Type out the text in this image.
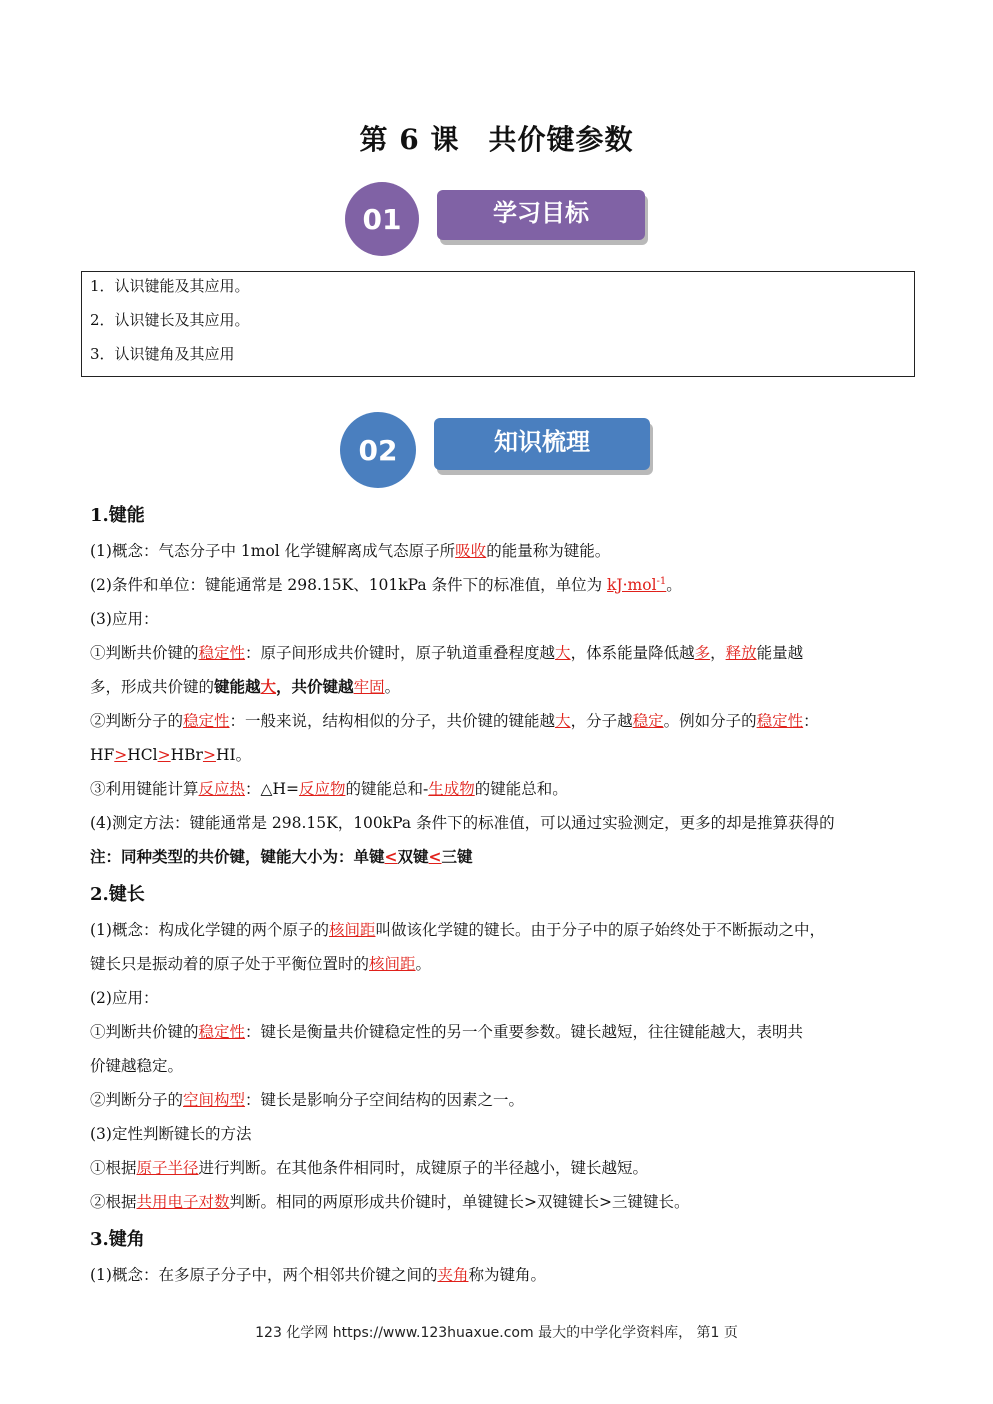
第 6 课　共价键参数
01	学习目标
1．认识键能及其应用。
2．认识键长及其应用。
3．认识键角及其应用
02	知识梳理
1.键能
(1)概念：气态分子中 1mol 化学键解离成气态原子所吸收的能量称为键能。
(2)条件和单位：键能通常是 298.15K、101kPa 条件下的标准值，单位为 kJ·mol$^{-1}$。
(3)应用：
①判断共价键的稳定性：原子间形成共价键时，原子轨道重叠程度越大，体系能量降低越多，释放能量越
多，形成共价键的键能越大，共价键越牢固。
②判断分子的稳定性：一般来说，结构相似的分子，共价键的键能越大，分子越稳定。例如分子的稳定性：
HF>HCl>HBr>HI。
③利用键能计算反应热：△H=反应物的键能总和-生成物的键能总和。
(4)测定方法：键能通常是 298.15K，100kPa 条件下的标准值，可以通过实验测定，更多的却是推算获得的
注：同种类型的共价键，键能大小为：单键<双键<三键
2.键长
(1)概念：构成化学键的两个原子的核间距叫做该化学键的键长。由于分子中的原子始终处于不断振动之中，
键长只是振动着的原子处于平衡位置时的核间距。
(2)应用：
①判断共价键的稳定性：键长是衡量共价键稳定性的另一个重要参数。键长越短，往往键能越大，表明共
价键越稳定。
②判断分子的空间构型：键长是影响分子空间结构的因素之一。
(3)定性判断键长的方法
①根据原子半径进行判断。在其他条件相同时，成键原子的半径越小，键长越短。
②根据共用电子对数判断。相同的两原形成共价键时，单键键长>双键键长>三键键长。
3.键角
(1)概念：在多原子分子中，两个相邻共价键之间的夹角称为键角。
123 化学网 https://www.123huaxue.com 最大的中学化学资料库， 第1 页
